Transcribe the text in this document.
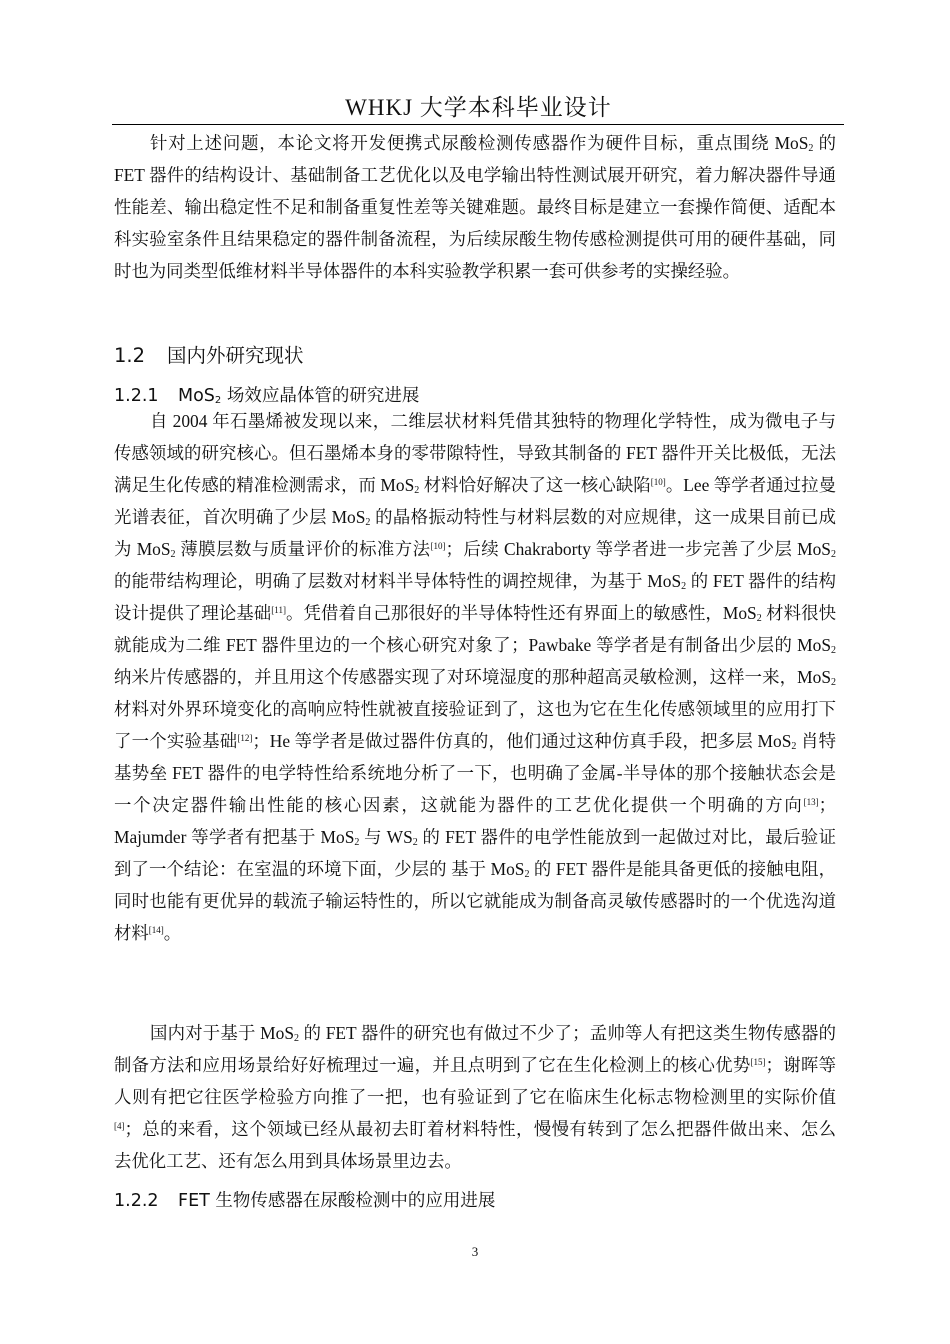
WHKJ 大学本科毕业设计

针对上述问题，本论文将开发便携式尿酸检测传感器作为硬件目标，重点围绕 MoS$_2$ 的 FET 器件的结构设计、基础制备工艺优化以及电学输出特性测试展开研究，着力解决器件导通性能差、输出稳定性不足和制备重复性差等关键难题。最终目标是建立一套操作简便、适配本科实验室条件且结果稳定的器件制备流程，为后续尿酸生物传感检测提供可用的硬件基础，同时也为同类型低维材料半导体器件的本科实验教学积累一套可供参考的实操经验。

1.2 国内外研究现状
1.2.1 MoS$_2$ 场效应晶体管的研究进展

自 2004 年石墨烯被发现以来，二维层状材料凭借其独特的物理化学特性，成为微电子与传感领域的研究核心。但石墨烯本身的零带隙特性，导致其制备的 FET 器件开关比极低，无法满足生化传感的精准检测需求，而 MoS$_2$ 材料恰好解决了这一核心缺陷[10]。Lee 等学者通过拉曼光谱表征，首次明确了少层 MoS$_2$ 的晶格振动特性与材料层数的对应规律，这一成果目前已成为 MoS$_2$ 薄膜层数与质量评价的标准方法[10]；后续 Chakraborty 等学者进一步完善了少层 MoS$_2$ 的能带结构理论，明确了层数对材料半导体特性的调控规律，为基于 MoS$_2$ 的 FET 器件的结构设计提供了理论基础[11]。凭借着自己那很好的半导体特性还有界面上的敏感性，MoS$_2$ 材料很快就能成为二维 FET 器件里边的一个核心研究对象了；Pawbake 等学者是有制备出少层的 MoS$_2$ 纳米片传感器的，并且用这个传感器实现了对环境湿度的那种超高灵敏检测，这样一来，MoS$_2$ 材料对外界环境变化的高响应特性就被直接验证到了，这也为它在生化传感领域里的应用打下了一个实验基础[12]；He 等学者是做过器件仿真的，他们通过这种仿真手段，把多层 MoS$_2$ 肖特基势垒 FET 器件的电学特性给系统地分析了一下，也明确了金属-半导体的那个接触状态会是一个决定器件输出性能的核心因素，这就能为器件的工艺优化提供一个明确的方向[13]；Majumder 等学者有把基于 MoS$_2$ 与 $WS_2$ 的 FET 器件的电学性能放到一起做过对比，最后验证到了一个结论：在室温的环境下面，少层的 基于 MoS$_2$ 的 FET 器件是能具备更低的接触电阻，同时也能有更优异的载流子输运特性的，所以它就能成为制备高灵敏传感器时的一个优选沟道材料[14]。

国内对于基于 MoS$_2$ 的 FET 器件的研究也有做过不少了；孟帅等人有把这类生物传感器的制备方法和应用场景给好好梳理过一遍，并且点明到了它在生化检测上的核心优势[15]；谢晖等人则有把它往医学检验方向推了一把，也有验证到了它在临床生化标志物检测里的实际价值[4]；总的来看，这个领域已经从最初去盯着材料特性，慢慢有转到了怎么把器件做出来、怎么去优化工艺、还有怎么用到具体场景里边去。

1.2.2 FET 生物传感器在尿酸检测中的应用进展
3
